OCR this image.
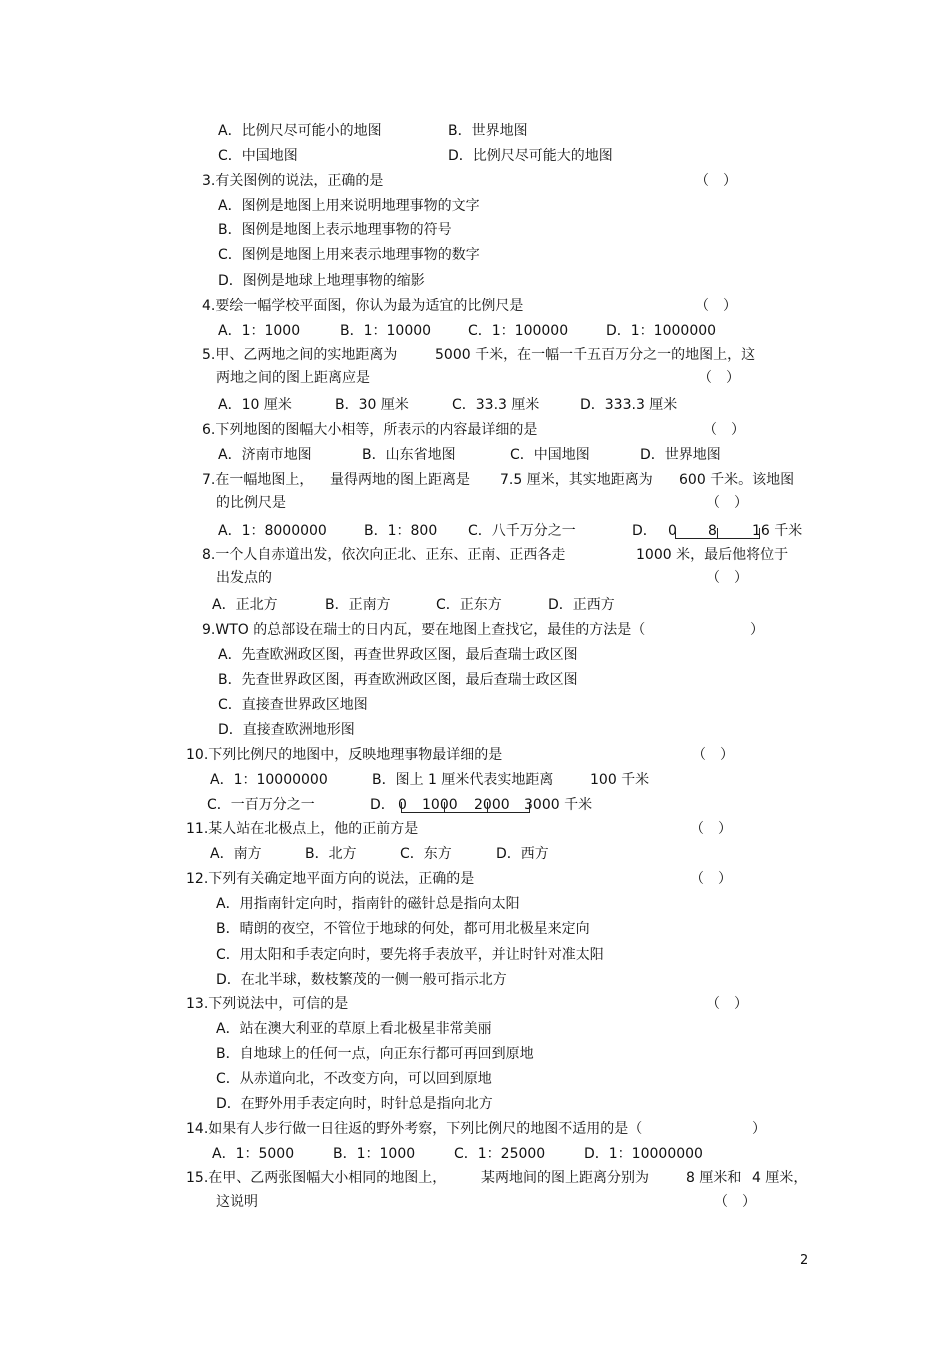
A．比例尺尽可能小的地图	B．世界地图
C．中国地图	D．比例尺尽可能大的地图
3.有关图例的说法，正确的是	（　）
A．图例是地图上用来说明地理事物的文字
B．图例是地图上表示地理事物的符号
C．图例是地图上用来表示地理事物的数字
D．图例是地球上地理事物的缩影
4.要绘一幅学校平面图，你认为最为适宜的比例尺是	（　）
A．1：1000	B．1：10000	C．1：100000	D．1：1000000
5.甲、乙两地之间的实地距离为	5000 千米，在一幅一千五百万分之一的地图上，这
两地之间的图上距离应是	（　）
A．10 厘米	B．30 厘米	C．33.3 厘米	D．333.3 厘米
6.下列地图的图幅大小相等，所表示的内容最详细的是	（　）
A．济南市地图	B．山东省地图	C．中国地图	D．世界地图
7.在一幅地图上， 量得两地的图上距离是 7.5 厘米，其实地距离为 600 千米。该地图
的比例尺是	（　）
A．1：8000000	B．1：800 C．八千万分之一	D． 0 8	16 千米
8.一个人自赤道出发，依次向正北、正东、正南、正西各走	1000 米，最后他将位于
出发点的	（　）
A．正北方	B．正南方	C．正东方	D．正西方
9.WTO 的总部设在瑞士的日内瓦，要在地图上查找它，最佳的方法是（	）
A．先查欧洲政区图，再查世界政区图，最后查瑞士政区图
B．先查世界政区图，再查欧洲政区图，最后查瑞士政区图
C．直接查世界政区地图
D．直接查欧洲地形图
10.下列比例尺的地图中，反映地理事物最详细的是	（　）
A．1：10000000	B．图上 1 厘米代表实地距离	100 千米
C．一百万分之一	D． 0 1000 2000 3000 千米
11.某人站在北极点上，他的正前方是	（　）
A．南方	B．北方	C．东方	D．西方
12.下列有关确定地平面方向的说法，正确的是	（　）
A．用指南针定向时，指南针的磁针总是指向太阳
B．晴朗的夜空，不管位于地球的何处，都可用北极星来定向
C．用太阳和手表定向时，要先将手表放平，并让时针对准太阳
D．在北半球，数枝繁茂的一侧一般可指示北方
13.下列说法中，可信的是	（　）
A．站在澳大利亚的草原上看北极星非常美丽
B．自地球上的任何一点，向正东行都可再回到原地
C．从赤道向北，不改变方向，可以回到原地
D．在野外用手表定向时，时针总是指向北方
14.如果有人步行做一日往返的野外考察，下列比例尺的地图不适用的是（	）
A．1：5000	B．1：1000	C．1：25000	D．1：10000000
15.在甲、乙两张图幅大小相同的地图上， 某两地间的图上距离分别为	8 厘米和 4 厘米，
这说明	（　）
2
